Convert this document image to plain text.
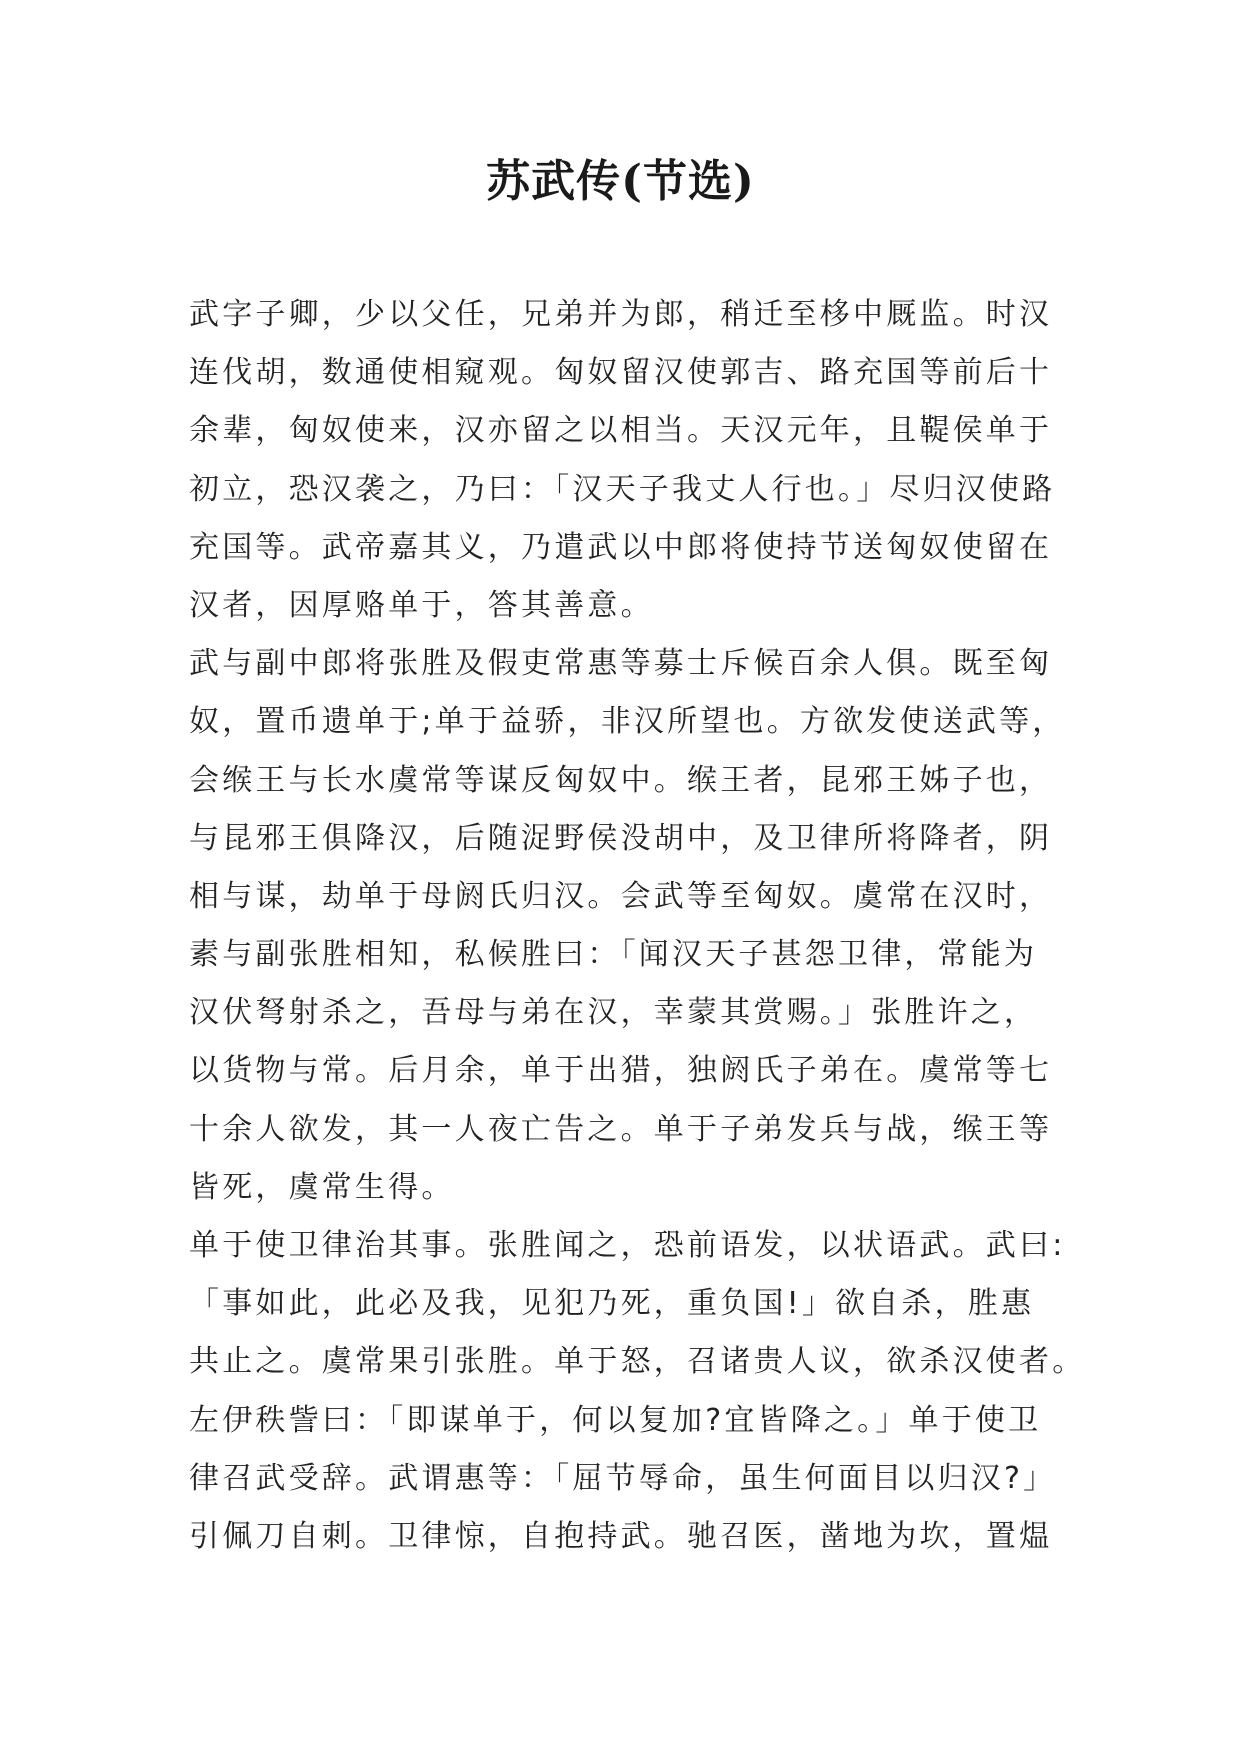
苏武传(节选)
武字子卿，少以父任，兄弟并为郎，稍迁至栘中厩监。时汉
连伐胡，数通使相窥观。匈奴留汉使郭吉、路充国等前后十
余辈，匈奴使来，汉亦留之以相当。天汉元年，且鞮侯单于
初立，恐汉袭之，乃曰：「汉天子我丈人行也。」尽归汉使路
充国等。武帝嘉其义，乃遣武以中郎将使持节送匈奴使留在
汉者，因厚赂单于，答其善意。
武与副中郎将张胜及假吏常惠等募士斥候百余人俱。既至匈
奴，置币遗单于;单于益骄，非汉所望也。方欲发使送武等，
会缑王与长水虞常等谋反匈奴中。缑王者，昆邪王姊子也，
与昆邪王俱降汉，后随浞野侯没胡中，及卫律所将降者，阴
相与谋，劫单于母阏氏归汉。会武等至匈奴。虞常在汉时，
素与副张胜相知，私候胜曰：「闻汉天子甚怨卫律，常能为
汉伏弩射杀之，吾母与弟在汉，幸蒙其赏赐。」张胜许之，
以货物与常。后月余，单于出猎，独阏氏子弟在。虞常等七
十余人欲发，其一人夜亡告之。单于子弟发兵与战，缑王等
皆死，虞常生得。
单于使卫律治其事。张胜闻之，恐前语发，以状语武。武曰:
「事如此，此必及我，见犯乃死，重负国!」欲自杀，胜惠
共止之。虞常果引张胜。单于怒，召诸贵人议，欲杀汉使者。
左伊秩訾曰：「即谋单于，何以复加?宜皆降之。」单于使卫
律召武受辞。武谓惠等：「屈节辱命，虽生何面目以归汉?」
引佩刀自刺。卫律惊，自抱持武。驰召医，凿地为坎，置煴
